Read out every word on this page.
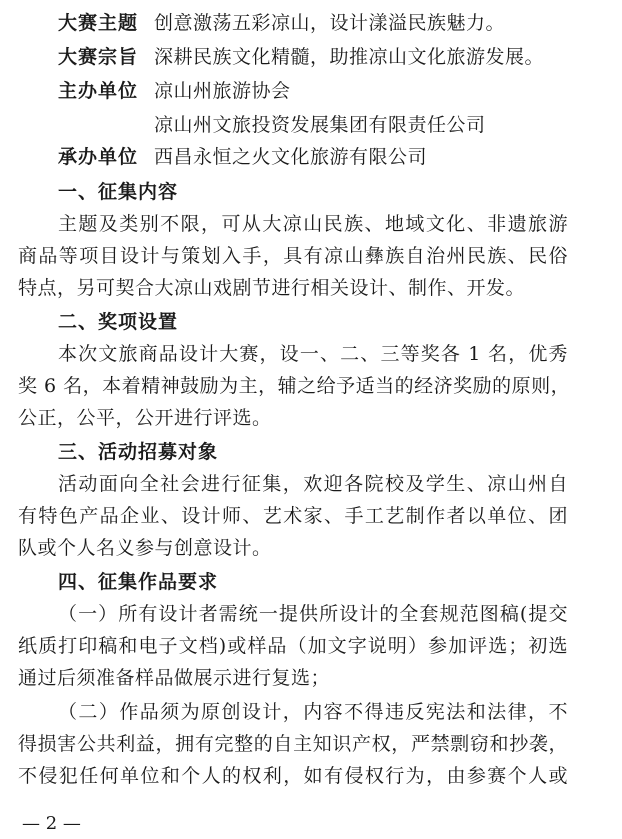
大赛主题 创意激荡五彩凉山，设计漾溢民族魅力。
大赛宗旨 深耕民族文化精髓，助推凉山文化旅游发展。
主办单位 凉山州旅游协会
凉山州文旅投资发展集团有限责任公司
承办单位 西昌永恒之火文化旅游有限公司
一、征集内容
主题及类别不限，可从大凉山民族、地域文化、非遗旅游
商品等项目设计与策划入手，具有凉山彝族自治州民族、民俗
特点，另可契合大凉山戏剧节进行相关设计、制作、开发。
二、奖项设置
本次文旅商品设计大赛，设一、二、三等奖各 1 名，优秀
奖 6 名，本着精神鼓励为主，辅之给予适当的经济奖励的原则，
公正，公平，公开进行评选。
三、活动招募对象
活动面向全社会进行征集，欢迎各院校及学生、凉山州自
有特色产品企业、设计师、艺术家、手工艺制作者以单位、团
队或个人名义参与创意设计。
四、征集作品要求
（一）所有设计者需统一提供所设计的全套规范图稿(提交
纸质打印稿和电子文档)或样品（加文字说明）参加评选；初选
通过后须准备样品做展示进行复选；
（二）作品须为原创设计，内容不得违反宪法和法律，不
得损害公共利益，拥有完整的自主知识产权，严禁剽窃和抄袭，
不侵犯任何单位和个人的权利，如有侵权行为，由参赛个人或
— 2 —
